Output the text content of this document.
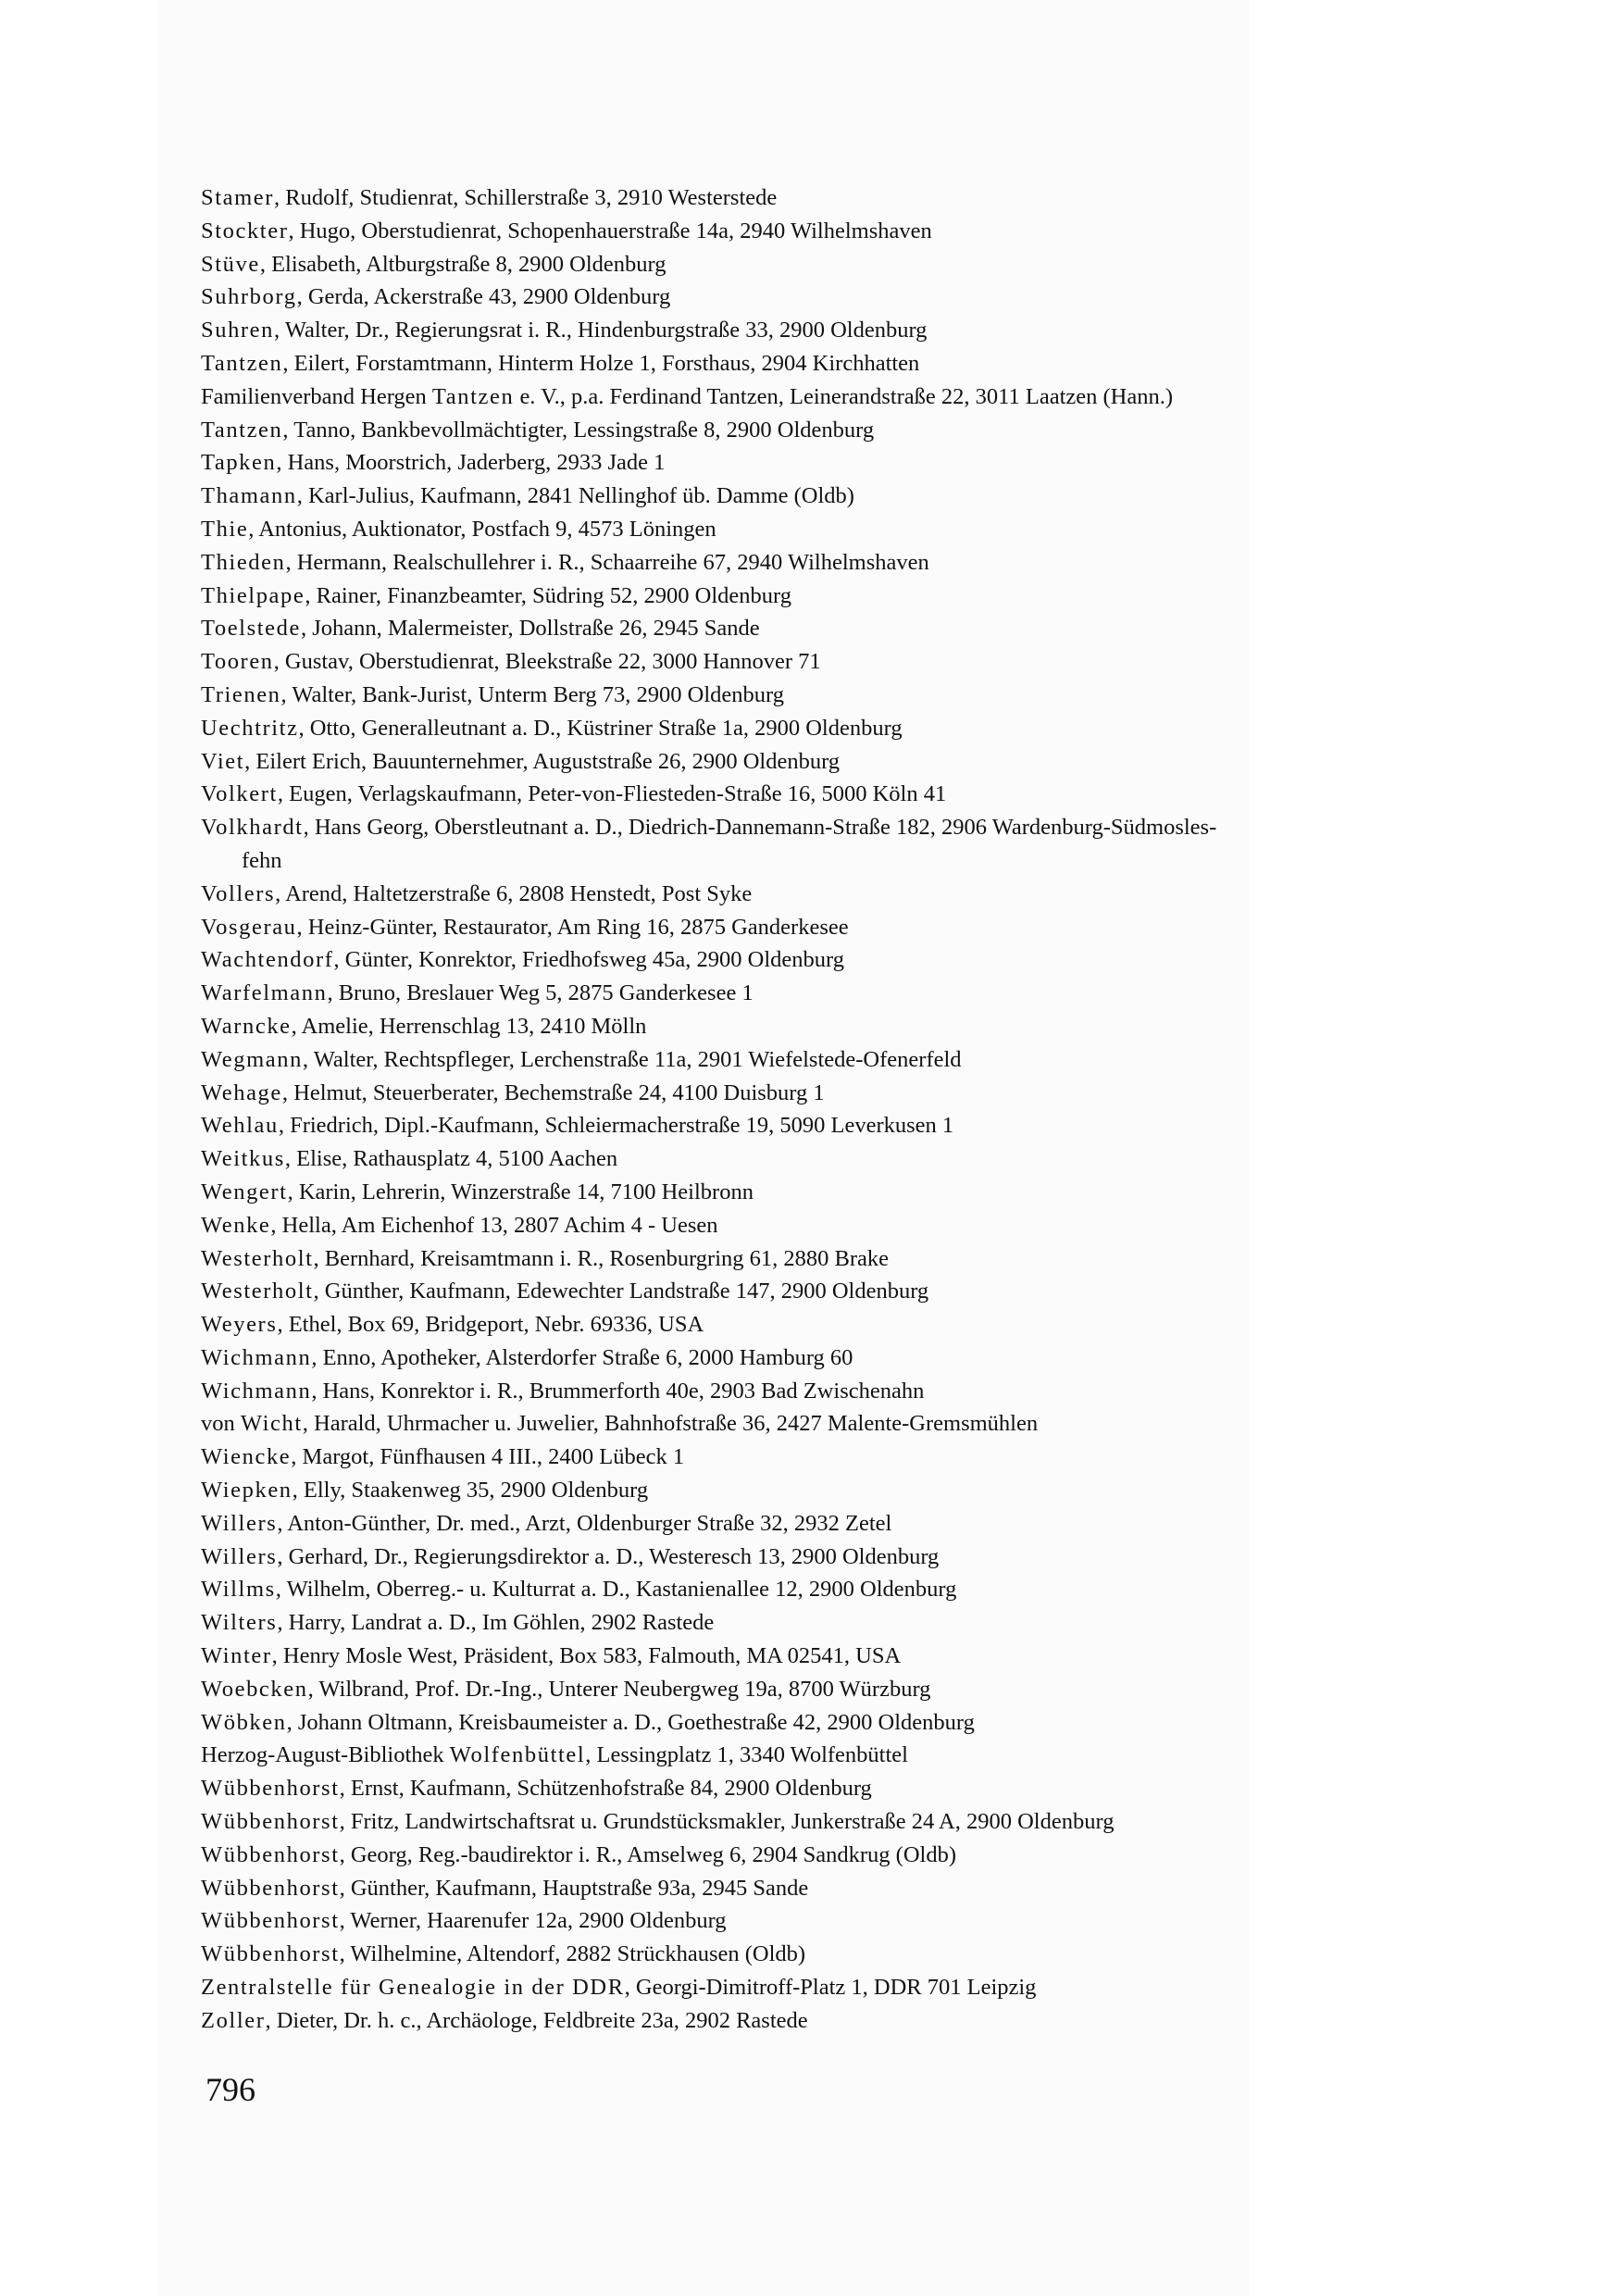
Stamer, Rudolf, Studienrat, Schillerstraße 3, 2910 Westerstede
Stockter, Hugo, Oberstudienrat, Schopenhauerstraße 14a, 2940 Wilhelmshaven
Stüve, Elisabeth, Altburgstraße 8, 2900 Oldenburg
Suhrborg, Gerda, Ackerstraße 43, 2900 Oldenburg
Suhren, Walter, Dr., Regierungsrat i. R., Hindenburgstraße 33, 2900 Oldenburg
Tantzen, Eilert, Forstamtmann, Hinterm Holze 1, Forsthaus, 2904 Kirchhatten
Familienverband Hergen Tantzen e. V., p.a. Ferdinand Tantzen, Leinerandstraße 22, 3011 Laatzen (Hann.)
Tantzen, Tanno, Bankbevollmächtigter, Lessingstraße 8, 2900 Oldenburg
Tapken, Hans, Moorstrich, Jaderberg, 2933 Jade 1
Thamann, Karl-Julius, Kaufmann, 2841 Nellinghof üb. Damme (Oldb)
Thie, Antonius, Auktionator, Postfach 9, 4573 Löningen
Thieden, Hermann, Realschullehrer i. R., Schaarreihe 67, 2940 Wilhelmshaven
Thielpape, Rainer, Finanzbeamter, Südring 52, 2900 Oldenburg
Toelstede, Johann, Malermeister, Dollstraße 26, 2945 Sande
Tooren, Gustav, Oberstudienrat, Bleekstraße 22, 3000 Hannover 71
Trienen, Walter, Bank-Jurist, Unterm Berg 73, 2900 Oldenburg
Uechtritz, Otto, Generalleutnant a. D., Küstriner Straße 1a, 2900 Oldenburg
Viet, Eilert Erich, Bauunternehmer, Auguststraße 26, 2900 Oldenburg
Volkert, Eugen, Verlagskaufmann, Peter-von-Fliesteden-Straße 16, 5000 Köln 41
Volkhardt, Hans Georg, Oberstleutnant a. D., Diedrich-Dannemann-Straße 182, 2906 Wardenburg-Südmosles-
fehn
Vollers, Arend, Haltetzerstraße 6, 2808 Henstedt, Post Syke
Vosgerau, Heinz-Günter, Restaurator, Am Ring 16, 2875 Ganderkesee
Wachtendorf, Günter, Konrektor, Friedhofsweg 45a, 2900 Oldenburg
Warfelmann, Bruno, Breslauer Weg 5, 2875 Ganderkesee 1
Warncke, Amelie, Herrenschlag 13, 2410 Mölln
Wegmann, Walter, Rechtspfleger, Lerchenstraße 11a, 2901 Wiefelstede-Ofenerfeld
Wehage, Helmut, Steuerberater, Bechemstraße 24, 4100 Duisburg 1
Wehlau, Friedrich, Dipl.-Kaufmann, Schleiermacherstraße 19, 5090 Leverkusen 1
Weitkus, Elise, Rathausplatz 4, 5100 Aachen
Wengert, Karin, Lehrerin, Winzerstraße 14, 7100 Heilbronn
Wenke, Hella, Am Eichenhof 13, 2807 Achim 4 - Uesen
Westerholt, Bernhard, Kreisamtmann i. R., Rosenburgring 61, 2880 Brake
Westerholt, Günther, Kaufmann, Edewechter Landstraße 147, 2900 Oldenburg
Weyers, Ethel, Box 69, Bridgeport, Nebr. 69336, USA
Wichmann, Enno, Apotheker, Alsterdorfer Straße 6, 2000 Hamburg 60
Wichmann, Hans, Konrektor i. R., Brummerforth 40e, 2903 Bad Zwischenahn
von Wicht, Harald, Uhrmacher u. Juwelier, Bahnhofstraße 36, 2427 Malente-Gremsmühlen
Wiencke, Margot, Fünfhausen 4 III., 2400 Lübeck 1
Wiepken, Elly, Staakenweg 35, 2900 Oldenburg
Willers, Anton-Günther, Dr. med., Arzt, Oldenburger Straße 32, 2932 Zetel
Willers, Gerhard, Dr., Regierungsdirektor a. D., Westeresch 13, 2900 Oldenburg
Willms, Wilhelm, Oberreg.- u. Kulturrat a. D., Kastanienallee 12, 2900 Oldenburg
Wilters, Harry, Landrat a. D., Im Göhlen, 2902 Rastede
Winter, Henry Mosle West, Präsident, Box 583, Falmouth, MA 02541, USA
Woebcken, Wilbrand, Prof. Dr.-Ing., Unterer Neubergweg 19a, 8700 Würzburg
Wöbken, Johann Oltmann, Kreisbaumeister a. D., Goethestraße 42, 2900 Oldenburg
Herzog-August-Bibliothek Wolfenbüttel, Lessingplatz 1, 3340 Wolfenbüttel
Wübbenhorst, Ernst, Kaufmann, Schützenhofstraße 84, 2900 Oldenburg
Wübbenhorst, Fritz, Landwirtschaftsrat u. Grundstücksmakler, Junkerstraße 24 A, 2900 Oldenburg
Wübbenhorst, Georg, Reg.-baudirektor i. R., Amselweg 6, 2904 Sandkrug (Oldb)
Wübbenhorst, Günther, Kaufmann, Hauptstraße 93a, 2945 Sande
Wübbenhorst, Werner, Haarenufer 12a, 2900 Oldenburg
Wübbenhorst, Wilhelmine, Altendorf, 2882 Strückhausen (Oldb)
Zentralstelle für Genealogie in der DDR, Georgi-Dimitroff-Platz 1, DDR 701 Leipzig
Zoller, Dieter, Dr. h. c., Archäologe, Feldbreite 23a, 2902 Rastede
796
